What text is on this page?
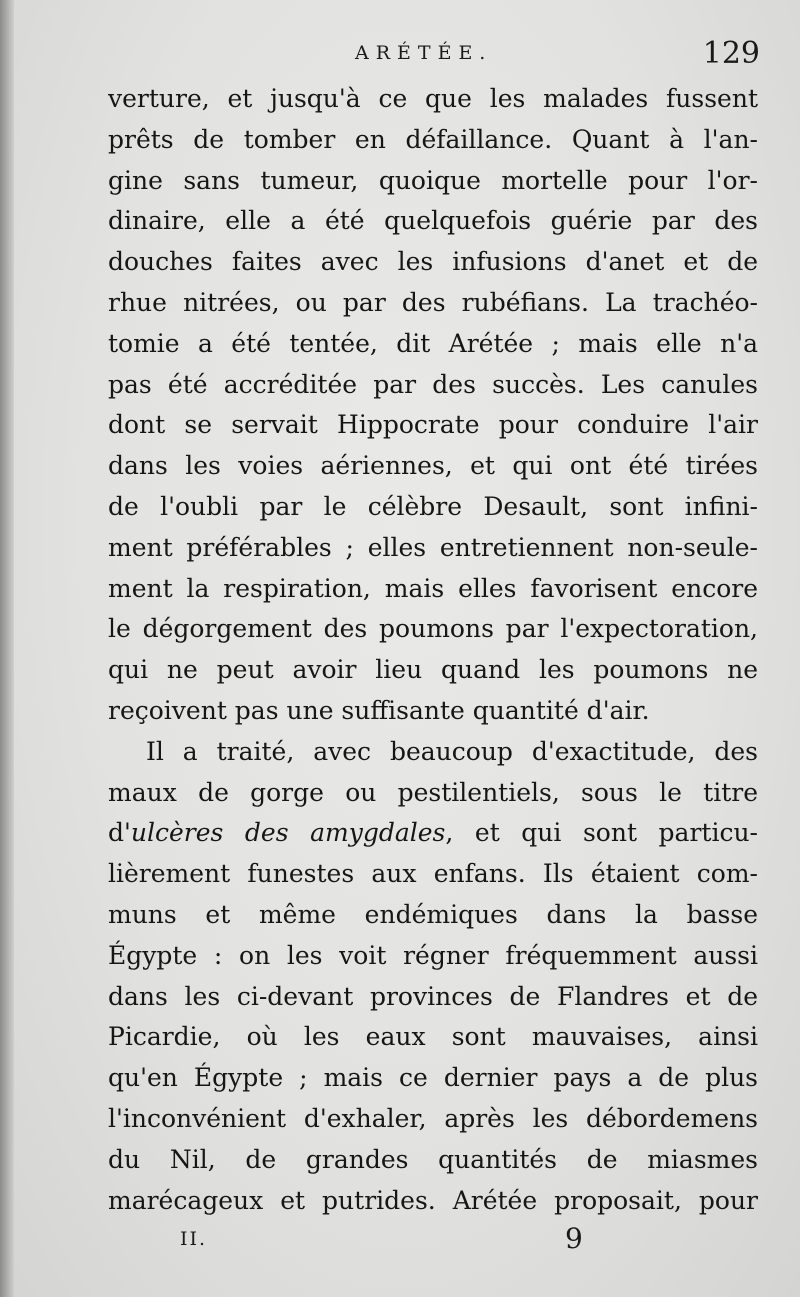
ARÉTÉE.	129
verture, et jusqu'à ce que les malades fussent
prêts de tomber en défaillance. Quant à l'an-
gine sans tumeur, quoique mortelle pour l'or-
dinaire, elle a été quelquefois guérie par des
douches faites avec les infusions d'anet et de
rhue nitrées, ou par des rubéfians. La trachéo-
tomie a été tentée, dit Arétée ; mais elle n'a
pas été accréditée par des succès. Les canules
dont se servait Hippocrate pour conduire l'air
dans les voies aériennes, et qui ont été tirées
de l'oubli par le célèbre Desault, sont infini-
ment préférables ; elles entretiennent non-seule-
ment la respiration, mais elles favorisent encore
le dégorgement des poumons par l'expectoration,
qui ne peut avoir lieu quand les poumons ne
reçoivent pas une suffisante quantité d'air.
Il a traité, avec beaucoup d'exactitude, des
maux de gorge ou pestilentiels, sous le titre
d'ulcères des amygdales, et qui sont particu-
lièrement funestes aux enfans. Ils étaient com-
muns et même endémiques dans la basse
Égypte : on les voit régner fréquemment aussi
dans les ci-devant provinces de Flandres et de
Picardie, où les eaux sont mauvaises, ainsi
qu'en Égypte ; mais ce dernier pays a de plus
l'inconvénient d'exhaler, après les débordemens
du Nil, de grandes quantités de miasmes
marécageux et putrides. Arétée proposait, pour
II.	9
